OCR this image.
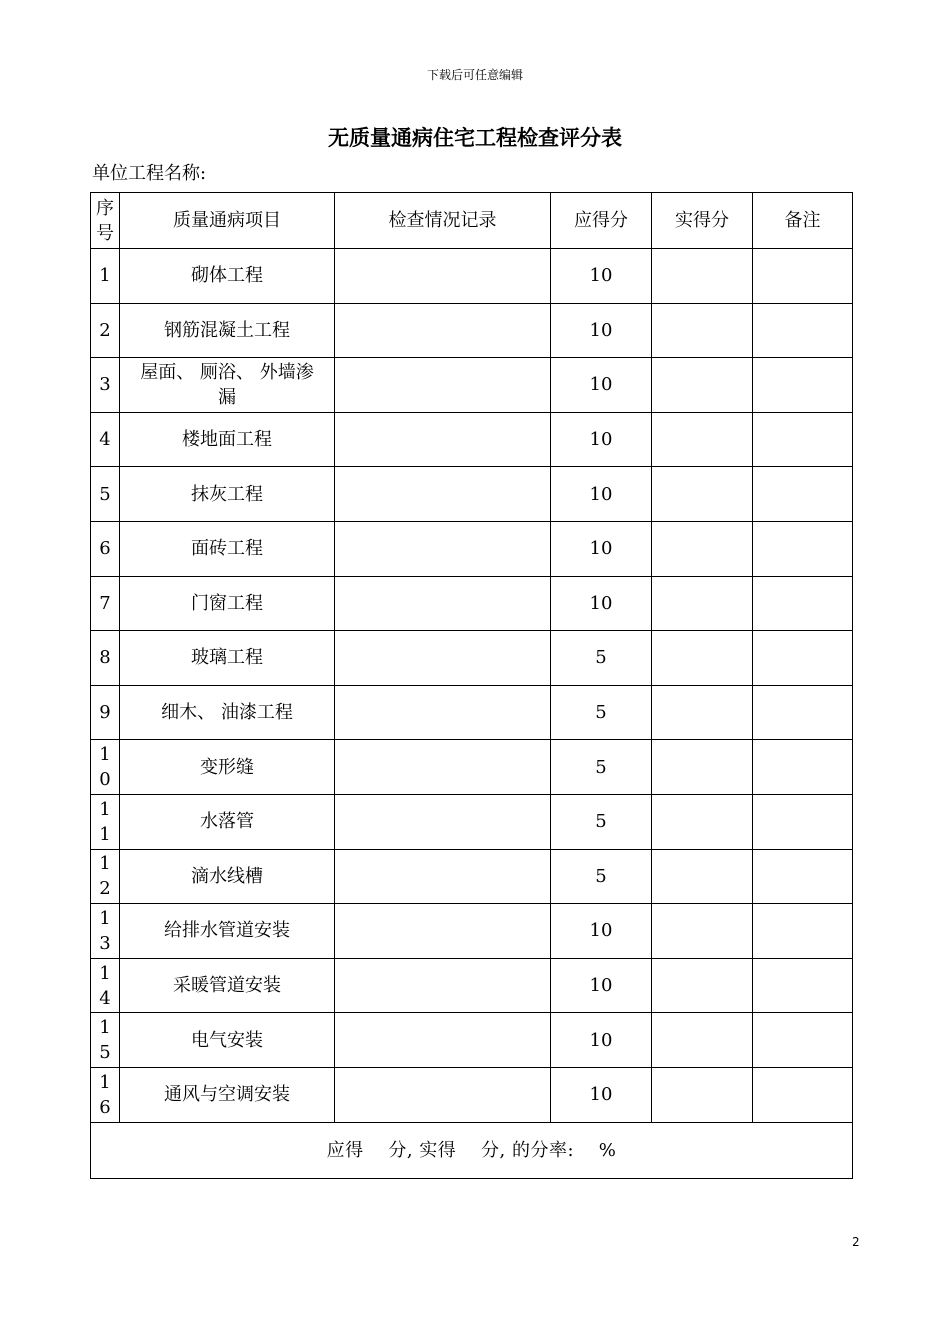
下载后可任意编辑
无质量通病住宅工程检查评分表
单位工程名称:
序号	质量通病项目	检查情况记录	应得分	实得分	备注
1	砌体工程		10		
2	钢筋混凝土工程		10		
3	屋面、 厕浴、 外墙渗漏		10		
4	楼地面工程		10		
5	抹灰工程		10		
6	面砖工程		10		
7	门窗工程		10		
8	玻璃工程		5		
9	细木、 油漆工程		5		
10	变形缝		5		
11	水落管		5		
12	滴水线槽		5		
13	给排水管道安装		10		
14	采暖管道安装		10		
15	电气安装		10		
16	通风与空调安装		10		
应得　 分, 实得　 分, 的分率:　 %					
2
